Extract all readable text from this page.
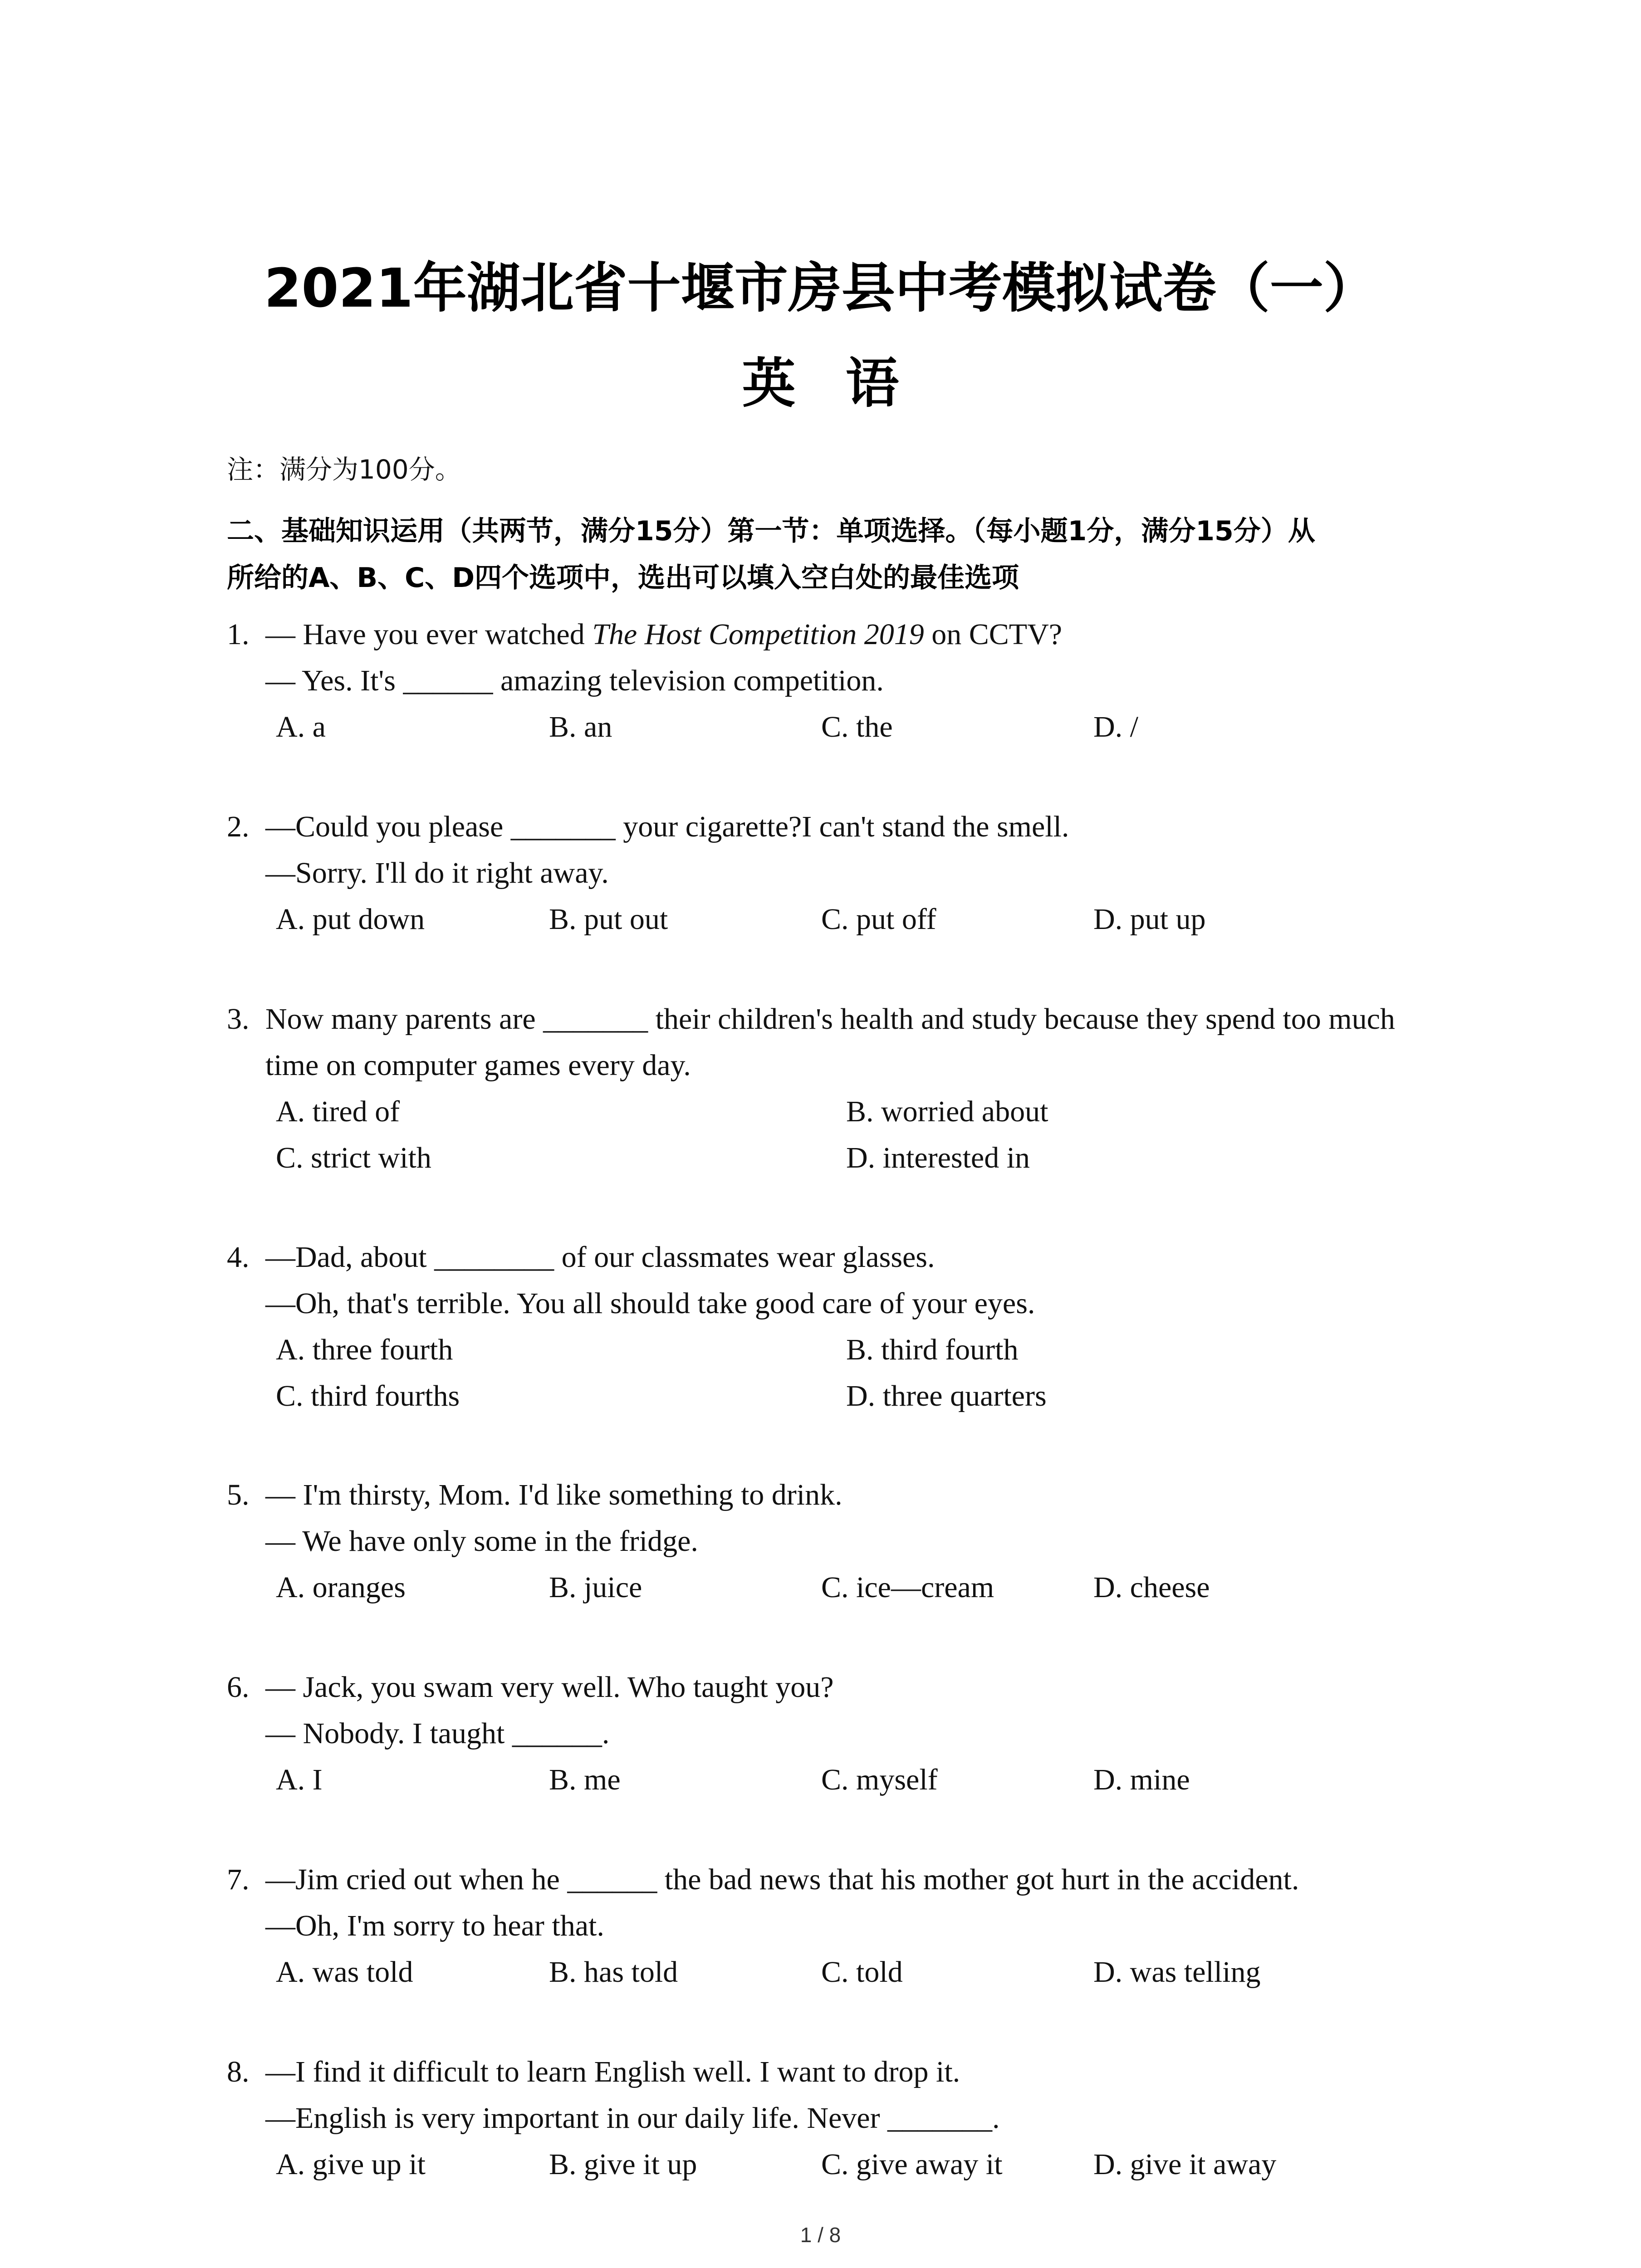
2021年湖北省十堰市房县中考模拟试卷（一）
英语
注：满分为100分。
二、基础知识运用（共两节，满分15分）第一节：单项选择。（每小题1分，满分15分）从
所给的A、B、C、D四个选项中，选出可以填入空白处的最佳选项
1. — Have you ever watched The Host Competition 2019 on CCTV?
— Yes. It's ______ amazing television competition.
A. a	B. an	C. the	D. /
2. —Could you please _______ your cigarette?I can't stand the smell.
—Sorry. I'll do it right away.
A. put down	B. put out	C. put off	D. put up
3. Now many parents are _______ their children's health and study because they spend too much
time on computer games every day.
A. tired of	B. worried about
C. strict with	D. interested in
4. —Dad, about ________ of our classmates wear glasses.
—Oh, that's terrible. You all should take good care of your eyes.
A. three fourth	B. third fourth
C. third fourths	D. three quarters
5. — I'm thirsty, Mom. I'd like something to drink.
— We have only some in the fridge.
A. oranges	B. juice	C. ice—cream	D. cheese
6. — Jack, you swam very well. Who taught you?
— Nobody. I taught ______.
A. I	B. me	C. myself	D. mine
7. —Jim cried out when he ______ the bad news that his mother got hurt in the accident.
—Oh, I'm sorry to hear that.
A. was told	B. has told	C. told	D. was telling
8. —I find it difficult to learn English well. I want to drop it.
—English is very important in our daily life. Never _______.
A. give up it	B. give it up	C. give away it	D. give it away
1 / 8
